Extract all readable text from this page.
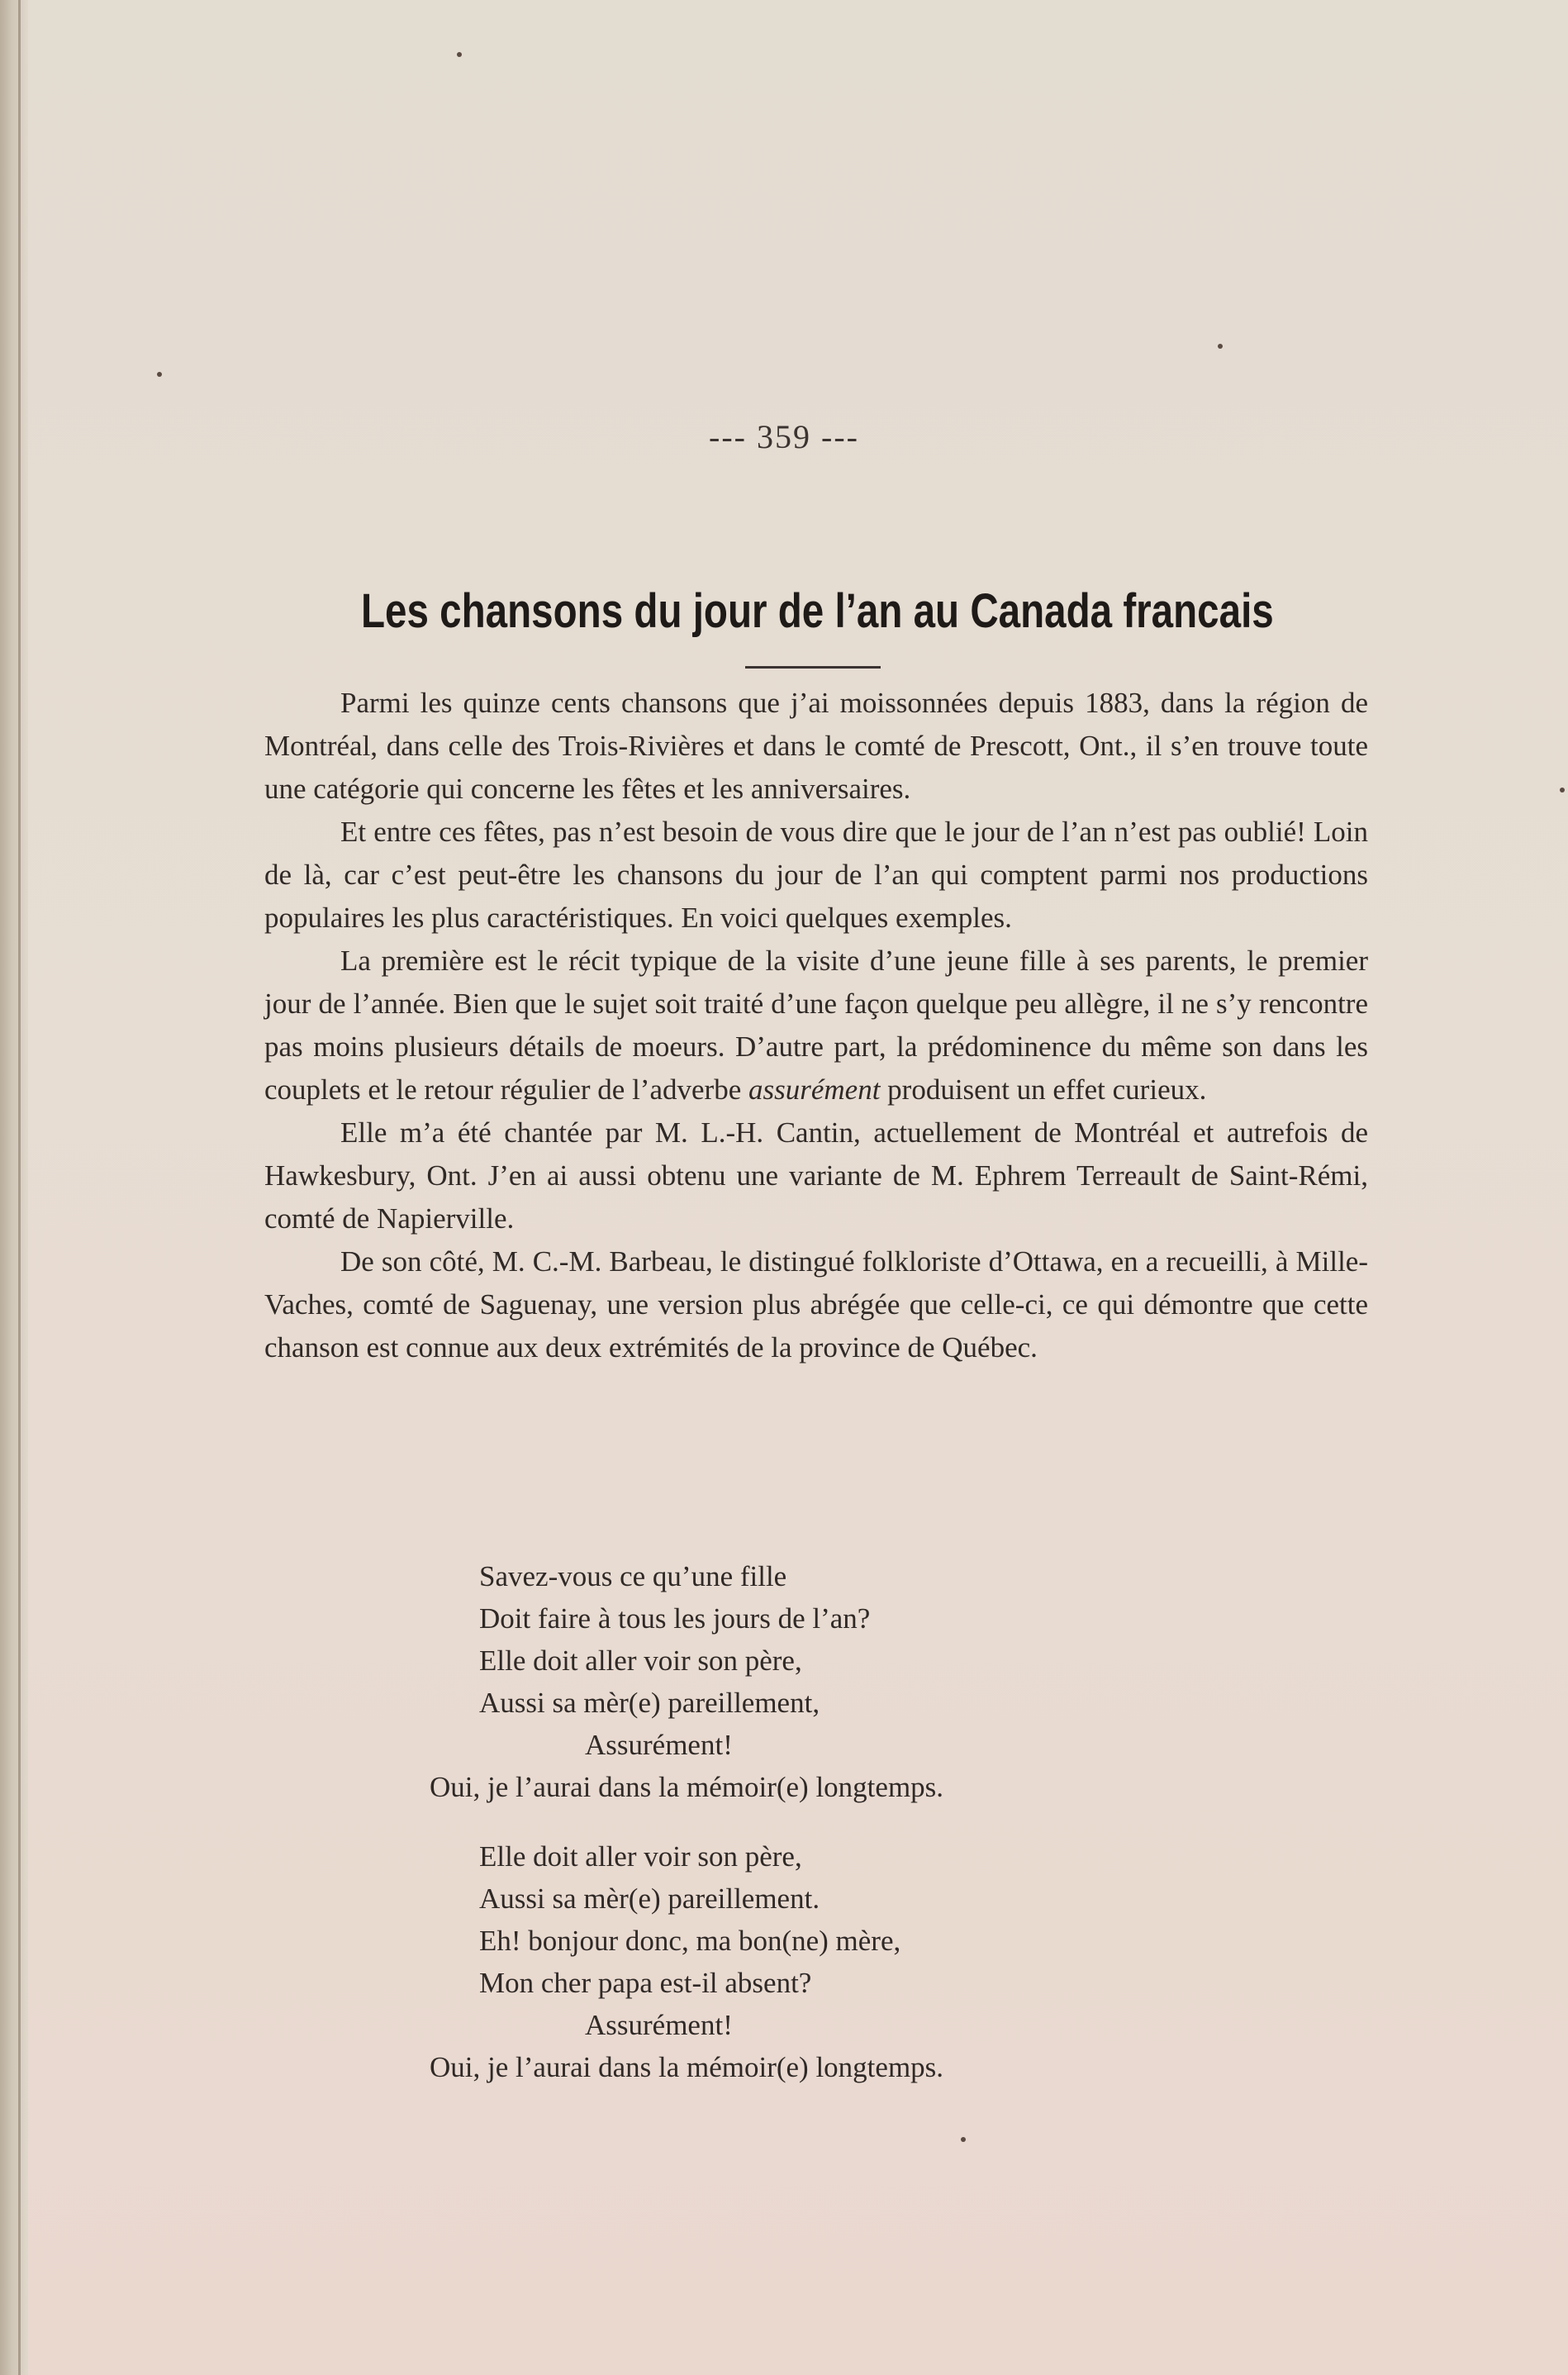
--- 359 ---
Les chansons du jour de l’an au Canada francais

Parmi les quinze cents chansons que j’ai moissonnées depuis 1883, dans la région de Montréal, dans celle des Trois-Rivières et dans le comté de Prescott, Ont., il s’en trouve toute une catégorie qui concerne les fêtes et les anniversaires.

Et entre ces fêtes, pas n’est besoin de vous dire que le jour de l’an n’est pas oublié! Loin de là, car c’est peut-être les chansons du jour de l’an qui comptent parmi nos productions populaires les plus caractéristiques. En voici quelques exemples.

La première est le récit typique de la visite d’une jeune fille à ses parents, le premier jour de l’année. Bien que le sujet soit traité d’une façon quelque peu allègre, il ne s’y rencontre pas moins plusieurs détails de moeurs. D’autre part, la prédominence du même son dans les couplets et le retour régulier de l’adverbe assurément produisent un effet curieux.

Elle m’a été chantée par M. L.-H. Cantin, actuellement de Montréal et autrefois de Hawkesbury, Ont. J’en ai aussi obtenu une variante de M. Ephrem Terreault de Saint-Rémi, comté de Napierville.

De son côté, M. C.-M. Barbeau, le distingué folkloriste d’Ottawa, en a recueilli, à Mille-Vaches, comté de Saguenay, une version plus abrégée que celle-ci, ce qui démontre que cette chanson est connue aux deux extrémités de la province de Québec.

Savez-vous ce qu’une fille
Doit faire à tous les jours de l’an?
Elle doit aller voir son père,
Aussi sa mèr(e) pareillement,
Assurément!
Oui, je l’aurai dans la mémoir(e) longtemps.
Elle doit aller voir son père,
Aussi sa mèr(e) pareillement.
Eh! bonjour donc, ma bon(ne) mère,
Mon cher papa est-il absent?
Assurément!
Oui, je l’aurai dans la mémoir(e) longtemps.
